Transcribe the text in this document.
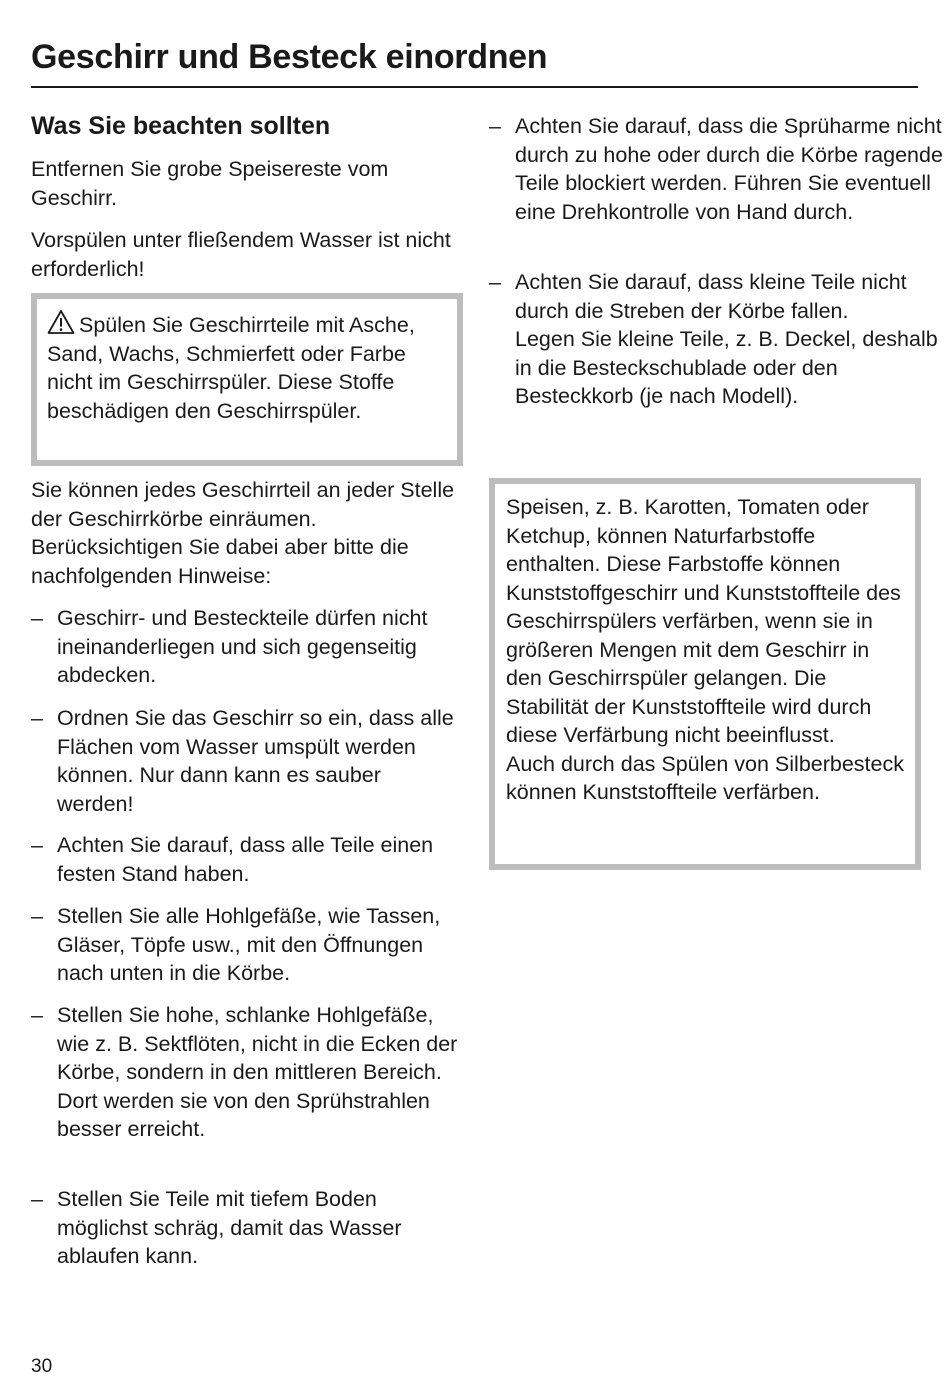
Geschirr und Besteck einordnen
Was Sie beachten sollten

Entfernen Sie grobe Speisereste vom Geschirr.

Vorspülen unter fließendem Wasser ist nicht erforderlich!

Spülen Sie Geschirrteile mit Asche, Sand, Wachs, Schmierfett oder Farbe nicht im Geschirrspüler. Diese Stoffe beschädigen den Geschirrspüler.

Sie können jedes Geschirrteil an jeder Stelle der Geschirrkörbe einräumen. Berücksichtigen Sie dabei aber bitte die nachfolgenden Hinweise:

– Geschirr- und Besteckteile dürfen nicht ineinanderliegen und sich gegenseitig abdecken.
– Ordnen Sie das Geschirr so ein, dass alle Flächen vom Wasser umspült werden können. Nur dann kann es sauber werden!
– Achten Sie darauf, dass alle Teile einen festen Stand haben.
– Stellen Sie alle Hohlgefäße, wie Tassen, Gläser, Töpfe usw., mit den Öffnungen nach unten in die Körbe.
– Stellen Sie hohe, schlanke Hohlgefäße, wie z. B. Sektflöten, nicht in die Ecken der Körbe, sondern in den mittleren Bereich. Dort werden sie von den Sprühstrahlen besser erreicht.
– Stellen Sie Teile mit tiefem Boden möglichst schräg, damit das Wasser ablaufen kann.
– Achten Sie darauf, dass die Sprüharme nicht durch zu hohe oder durch die Körbe ragende Teile blockiert werden. Führen Sie eventuell eine Drehkontrolle von Hand durch.
– Achten Sie darauf, dass kleine Teile nicht durch die Streben der Körbe fallen.
Legen Sie kleine Teile, z. B. Deckel, deshalb in die Besteckschublade oder den Besteckkorb (je nach Modell).

Speisen, z. B. Karotten, Tomaten oder Ketchup, können Naturfarbstoffe enthalten. Diese Farbstoffe können Kunststoffgeschirr und Kunststoffteile des Geschirrspülers verfärben, wenn sie in größeren Mengen mit dem Geschirr in den Geschirrspüler gelangen. Die Stabilität der Kunststoffteile wird durch diese Verfärbung nicht beeinflusst.
Auch durch das Spülen von Silberbesteck können Kunststoffteile verfärben.

30
